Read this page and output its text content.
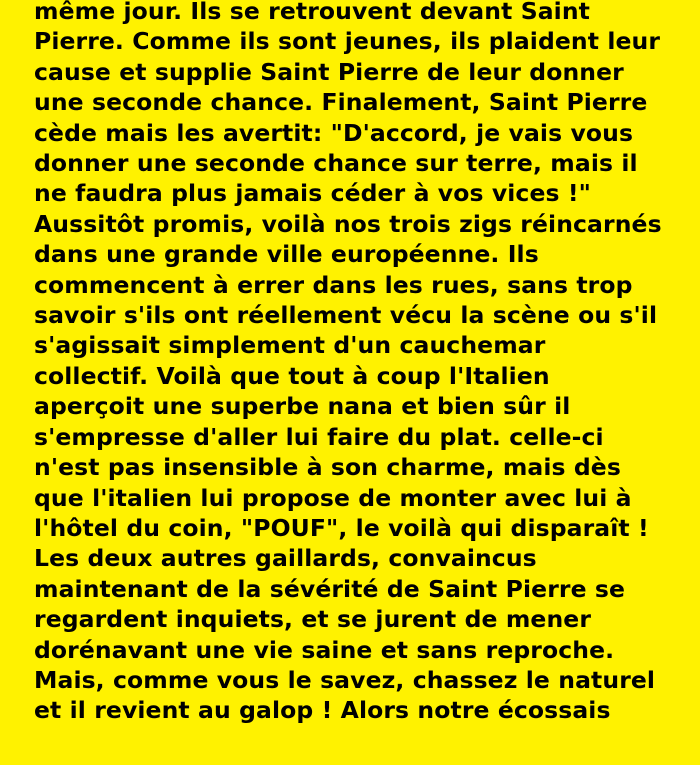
même jour. Ils se retrouvent devant Saint
Pierre. Comme ils sont jeunes, ils plaident leur
cause et supplie Saint Pierre de leur donner
une seconde chance. Finalement, Saint Pierre
cède mais les avertit: "D'accord, je vais vous
donner une seconde chance sur terre, mais il
ne faudra plus jamais céder à vos vices !"
Aussitôt promis, voilà nos trois zigs réincarnés
dans une grande ville européenne. Ils
commencent à errer dans les rues, sans trop
savoir s'ils ont réellement vécu la scène ou s'il
s'agissait simplement d'un cauchemar
collectif. Voilà que tout à coup l'Italien
aperçoit une superbe nana et bien sûr il
s'empresse d'aller lui faire du plat. celle-ci
n'est pas insensible à son charme, mais dès
que l'italien lui propose de monter avec lui à
l'hôtel du coin, "POUF", le voilà qui disparaît !
Les deux autres gaillards, convaincus
maintenant de la sévérité de Saint Pierre se
regardent inquiets, et se jurent de mener
dorénavant une vie saine et sans reproche.
Mais, comme vous le savez, chassez le naturel
et il revient au galop ! Alors notre écossais
